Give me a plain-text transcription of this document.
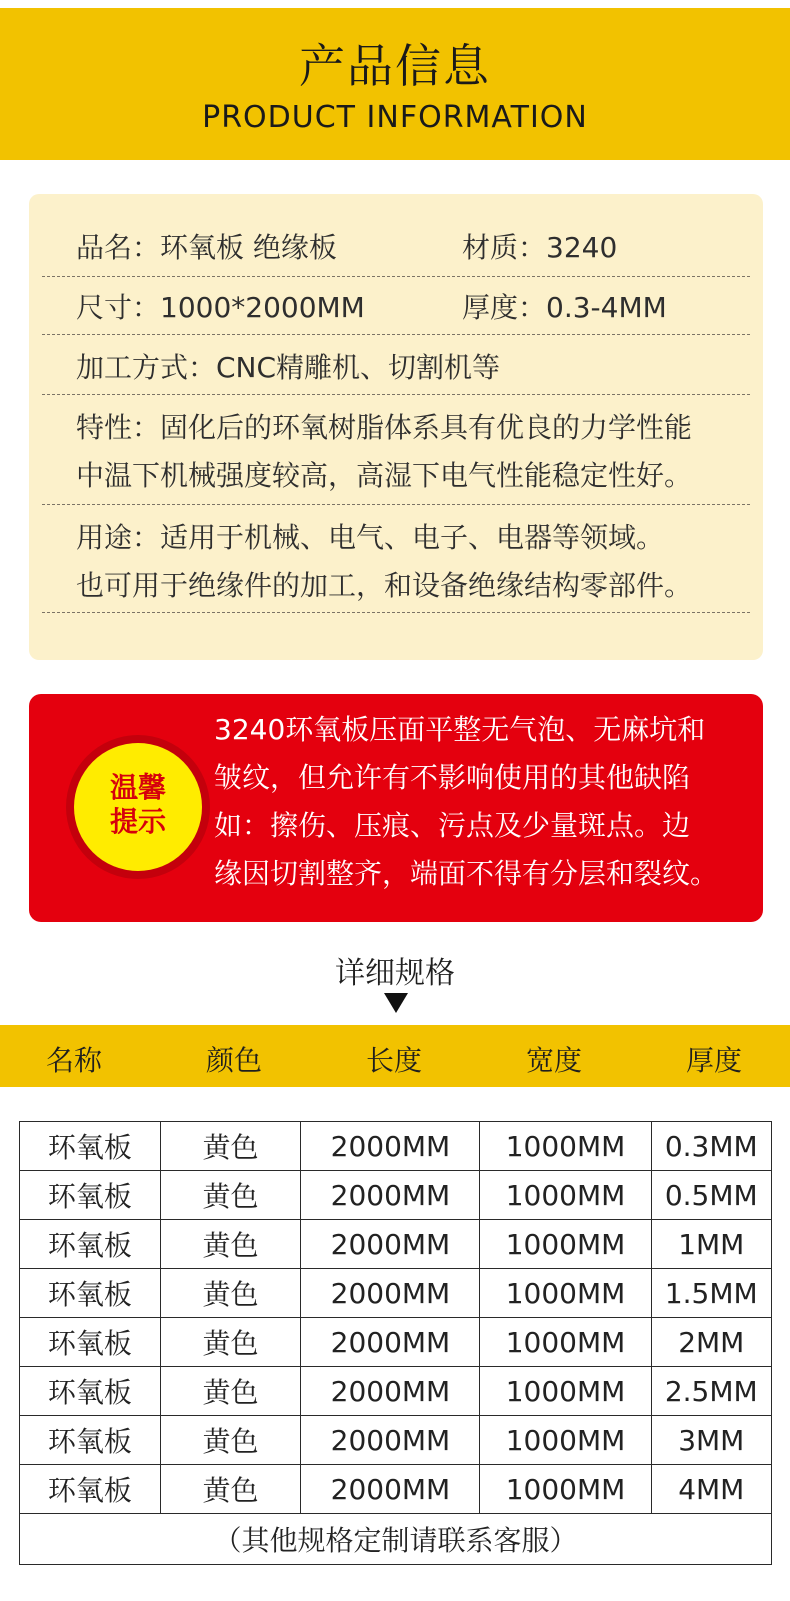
产品信息
PRODUCT INFORMATION
品名：环氧板 绝缘板	材质：3240
尺寸：1000*2000MM	厚度：0.3-4MM
加工方式：CNC精雕机、切割机等
特性：固化后的环氧树脂体系具有优良的力学性能
中温下机械强度较高，高湿下电气性能稳定性好。
用途：适用于机械、电气、电子、电器等领域。
也可用于绝缘件的加工，和设备绝缘结构零部件。
温馨
提示
3240环氧板压面平整无气泡、无麻坑和
皱纹，但允许有不影响使用的其他缺陷
如：擦伤、压痕、污点及少量斑点。边
缘因切割整齐，端面不得有分层和裂纹。
详细规格
名称	颜色	长度	宽度	厚度
环氧板	黄色	2000MM	1000MM	0.3MM
环氧板	黄色	2000MM	1000MM	0.5MM
环氧板	黄色	2000MM	1000MM	1MM
环氧板	黄色	2000MM	1000MM	1.5MM
环氧板	黄色	2000MM	1000MM	2MM
环氧板	黄色	2000MM	1000MM	2.5MM
环氧板	黄色	2000MM	1000MM	3MM
环氧板	黄色	2000MM	1000MM	4MM
（其他规格定制请联系客服）				
